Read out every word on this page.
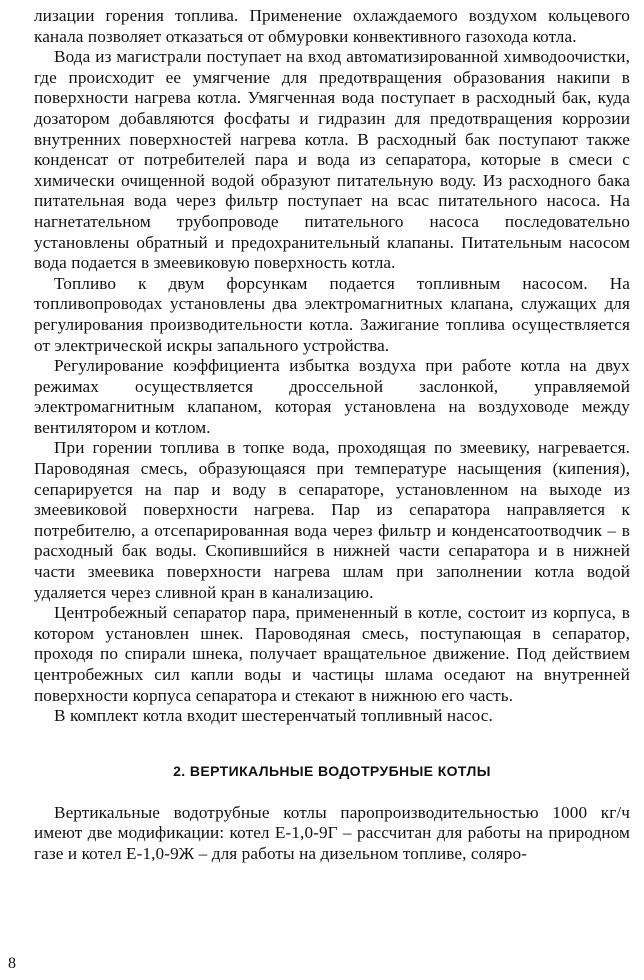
лизации горения топлива. Применение охлаждаемого воздухом кольцевого канала позволяет отказаться от обмуровки конвективного газохода котла.

Вода из магистрали поступает на вход автоматизированной химводоочистки, где происходит ее умягчение для предотвращения образования накипи в поверхности нагрева котла. Умягченная вода поступает в расходный бак, куда дозатором добавляются фосфаты и гидразин для предотвращения коррозии внутренних поверхностей нагрева котла. В расходный бак поступают также конденсат от потребителей пара и вода из сепаратора, которые в смеси с химически очищенной водой образуют питательную воду. Из расходного бака питательная вода через фильтр поступает на всас питательного насоса. На нагнетательном трубопроводе питательного насоса последовательно установлены обратный и предохранительный клапаны. Питательным насосом вода подается в змеевиковую поверхность котла.

Топливо к двум форсункам подается топливным насосом. На топливопроводах установлены два электромагнитных клапана, служащих для регулирования производительности котла. Зажигание топлива осуществляется от электрической искры запального устройства.

Регулирование коэффициента избытка воздуха при работе котла на двух режимах осуществляется дроссельной заслонкой, управляемой электромагнитным клапаном, которая установлена на воздуховоде между вентилятором и котлом.

При горении топлива в топке вода, проходящая по змеевику, нагревается. Пароводяная смесь, образующаяся при температуре насыщения (кипения), сепарируется на пар и воду в сепараторе, установленном на выходе из змеевиковой поверхности нагрева. Пар из сепаратора направляется к потребителю, а отсепарированная вода через фильтр и конденсатоотводчик – в расходный бак воды. Скопившийся в нижней части сепаратора и в нижней части змеевика поверхности нагрева шлам при заполнении котла водой удаляется через сливной кран в канализацию.

Центробежный сепаратор пара, примененный в котле, состоит из корпуса, в котором установлен шнек. Пароводяная смесь, поступающая в сепаратор, проходя по спирали шнека, получает вращательное движение. Под действием центробежных сил капли воды и частицы шлама оседают на внутренней поверхности корпуса сепаратора и стекают в нижнюю его часть.

В комплект котла входит шестеренчатый топливный насос.

2. ВЕРТИКАЛЬНЫЕ ВОДОТРУБНЫЕ КОТЛЫ

Вертикальные водотрубные котлы паропроизводительностью 1000 кг/ч имеют две модификации: котел Е-1,0-9Г – рассчитан для работы на природном газе и котел Е-1,0-9Ж – для работы на дизельном топливе, соляро-

8
